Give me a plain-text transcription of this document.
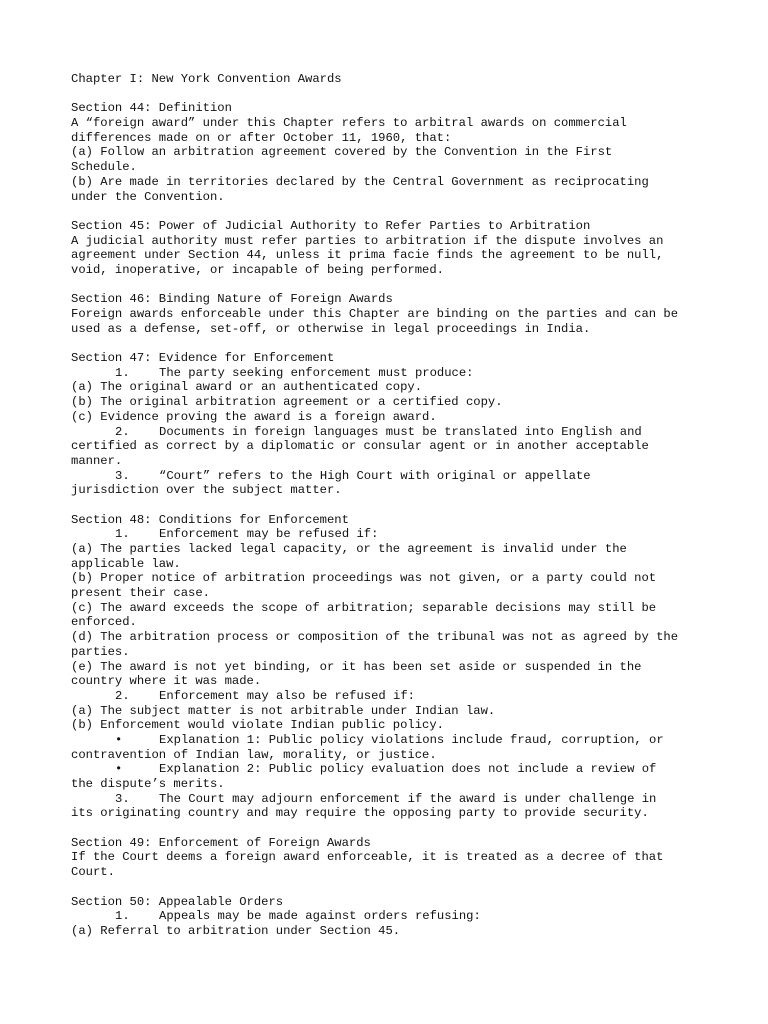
Chapter I: New York Convention Awards
Section 44: Definition
A “foreign award” under this Chapter refers to arbitral awards on commercial
differences made on or after October 11, 1960, that:
(a) Follow an arbitration agreement covered by the Convention in the First
Schedule.
(b) Are made in territories declared by the Central Government as reciprocating
under the Convention.
Section 45: Power of Judicial Authority to Refer Parties to Arbitration
A judicial authority must refer parties to arbitration if the dispute involves an
agreement under Section 44, unless it prima facie finds the agreement to be null,
void, inoperative, or incapable of being performed.
Section 46: Binding Nature of Foreign Awards
Foreign awards enforceable under this Chapter are binding on the parties and can be
used as a defense, set-off, or otherwise in legal proceedings in India.
Section 47: Evidence for Enforcement
1. The party seeking enforcement must produce:
(a) The original award or an authenticated copy.
(b) The original arbitration agreement or a certified copy.
(c) Evidence proving the award is a foreign award.
2. Documents in foreign languages must be translated into English and
certified as correct by a diplomatic or consular agent or in another acceptable
manner.
3. “Court” refers to the High Court with original or appellate
jurisdiction over the subject matter.
Section 48: Conditions for Enforcement
1. Enforcement may be refused if:
(a) The parties lacked legal capacity, or the agreement is invalid under the
applicable law.
(b) Proper notice of arbitration proceedings was not given, or a party could not
present their case.
(c) The award exceeds the scope of arbitration; separable decisions may still be
enforced.
(d) The arbitration process or composition of the tribunal was not as agreed by the
parties.
(e) The award is not yet binding, or it has been set aside or suspended in the
country where it was made.
2. Enforcement may also be refused if:
(a) The subject matter is not arbitrable under Indian law.
(b) Enforcement would violate Indian public policy.
•	Explanation 1: Public policy violations include fraud, corruption, or
contravention of Indian law, morality, or justice.
•	Explanation 2: Public policy evaluation does not include a review of
the dispute’s merits.
3. The Court may adjourn enforcement if the award is under challenge in
its originating country and may require the opposing party to provide security.
Section 49: Enforcement of Foreign Awards
If the Court deems a foreign award enforceable, it is treated as a decree of that
Court.
Section 50: Appealable Orders
1. Appeals may be made against orders refusing:
(a) Referral to arbitration under Section 45.
